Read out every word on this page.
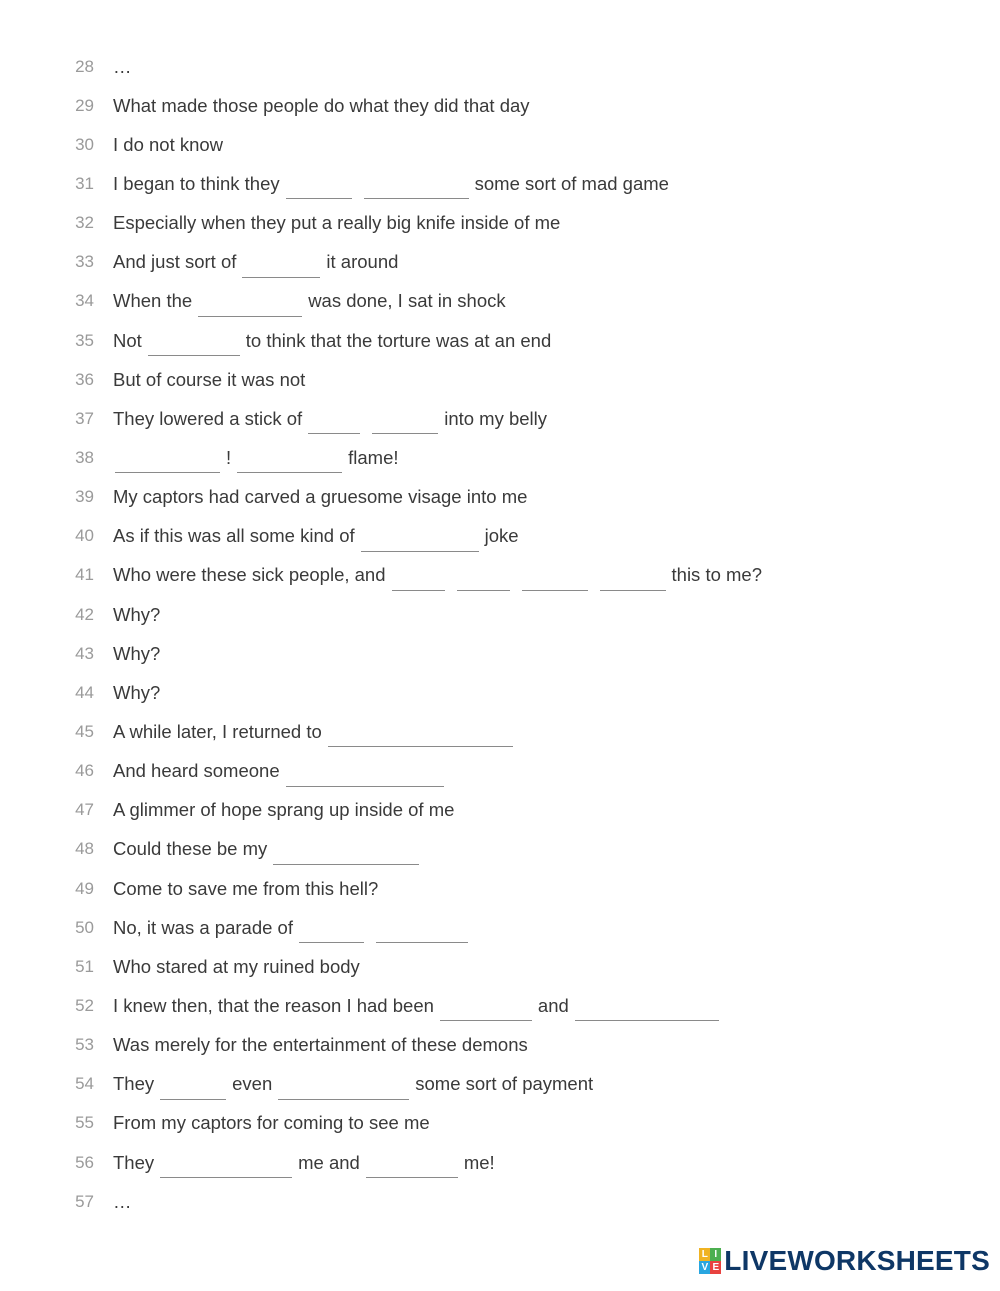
28 …
29 What made those people do what they did that day
30 I do not know
31 I began to think they	some sort of mad game
32 Especially when they put a really big knife inside of me
33 And just sort of	it around
34 When the	was done, I sat in shock
35 Not	to think that the torture was at an end
36 But of course it was not
37 They lowered a stick of	into my belly
38	!	flame!
39 My captors had carved a gruesome visage into me
40 As if this was all some kind of	joke
41 Who were these sick people, and	this to me?
42 Why?
43 Why?
44 Why?
45 A while later, I returned to
46 And heard someone
47 A glimmer of hope sprang up inside of me
48 Could these be my
49 Come to save me from this hell?
50 No, it was a parade of
51 Who stared at my ruined body
52 I knew then, that the reason I had been	and
53 Was merely for the entertainment of these demons
54 They	even	some sort of payment
55 From my captors for coming to see me
56 They	me and	me!
57 …
L I
V E LIVEWORKSHEETS
